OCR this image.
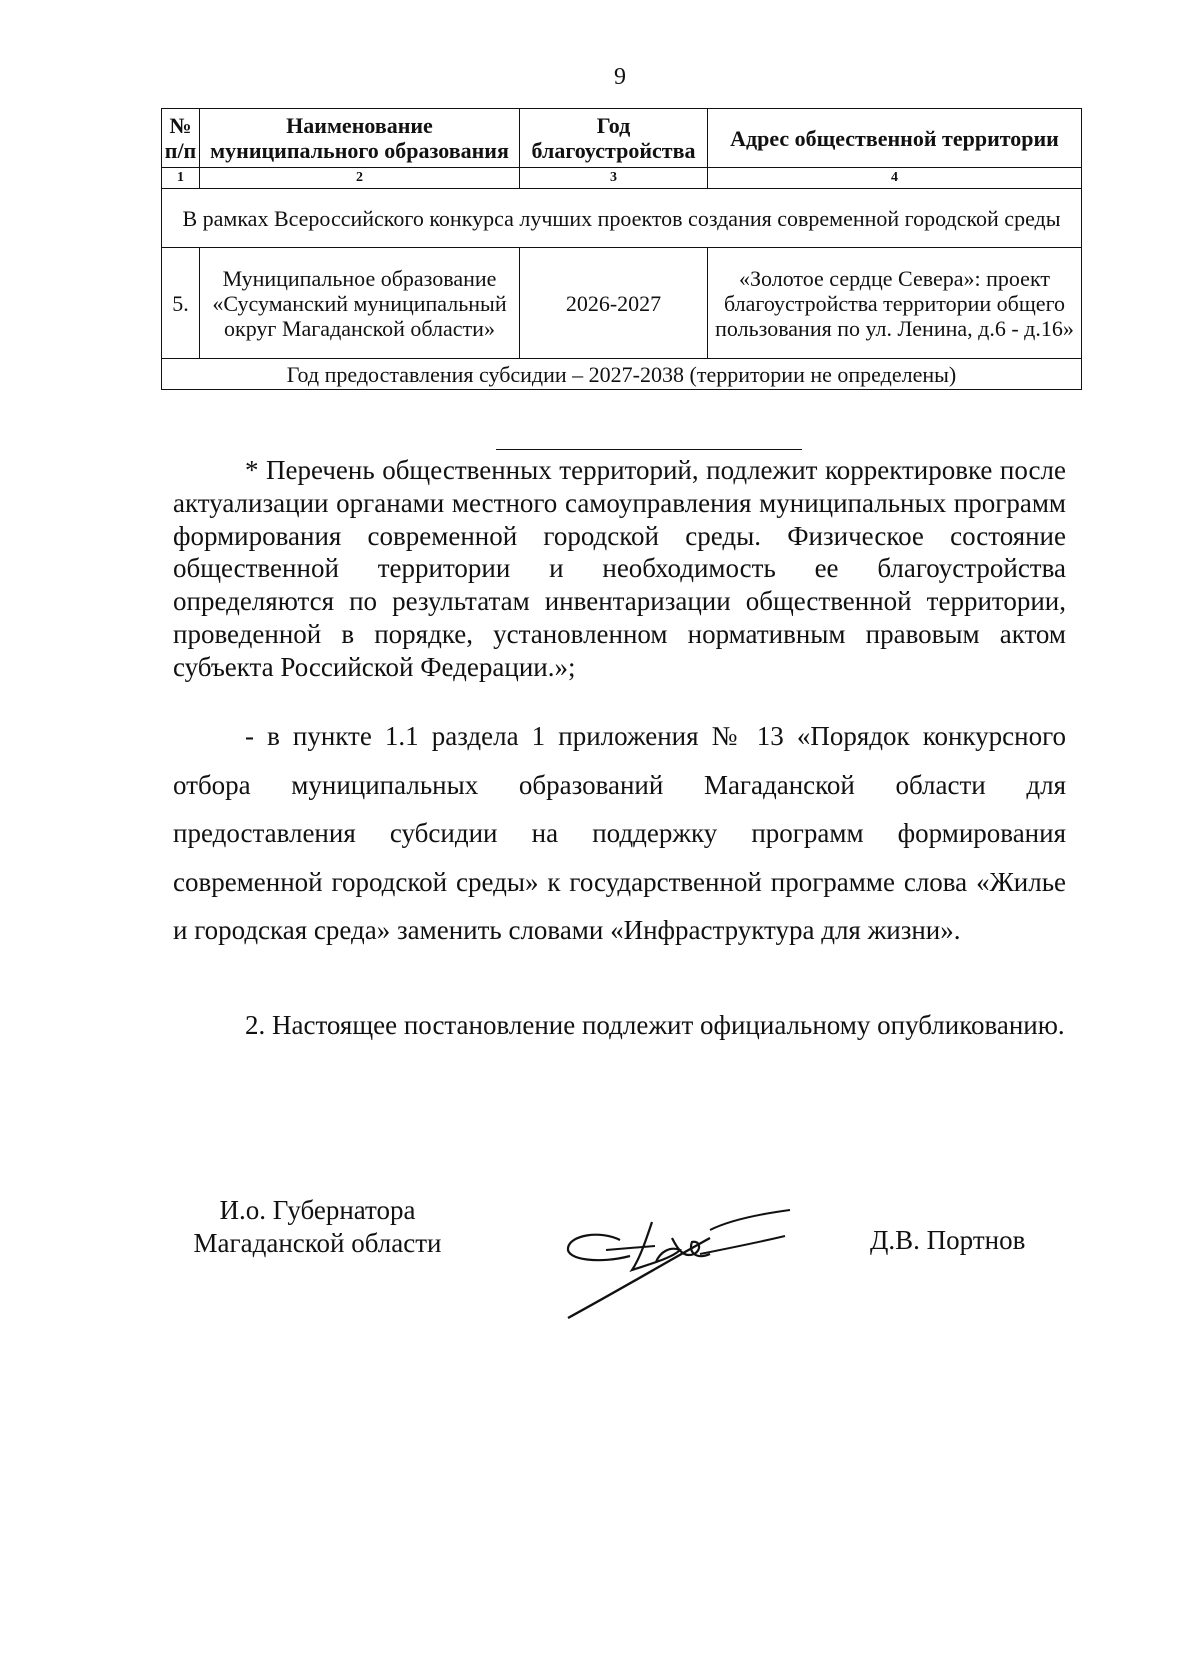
9
№ п/п	Наименование муниципального образования	Год благоустройства	Адрес общественной территории
1	2	3	4
В рамках Всероссийского конкурса лучших проектов создания современной городской среды			
5.	Муниципальное образование «Сусуманский муниципальный округ Магаданской области»	2026-2027	«Золотое сердце Севера»: проект благоустройства территории общего пользования по ул. Ленина, д.6 - д.16»
Год предоставления субсидии – 2027-2038 (территории не определены)			
* Перечень общественных территорий, подлежит корректировке после актуализации органами местного самоуправления муниципальных программ формирования современной городской среды. Физическое состояние общественной территории и необходимость ее благоустройства определяются по результатам инвентаризации общественной территории, проведенной в порядке, установленном нормативным правовым актом субъекта Российской Федерации.»;
- в пункте 1.1 раздела 1 приложения № 13 «Порядок конкурсного отбора муниципальных образований Магаданской области для предоставления субсидии на поддержку программ формирования современной городской среды» к государственной программе слова «Жилье и городская среда» заменить словами «Инфраструктура для жизни».
2. Настоящее постановление подлежит официальному опубликованию.
И.о. Губернатора
Магаданской области	Д.В. Портнов
